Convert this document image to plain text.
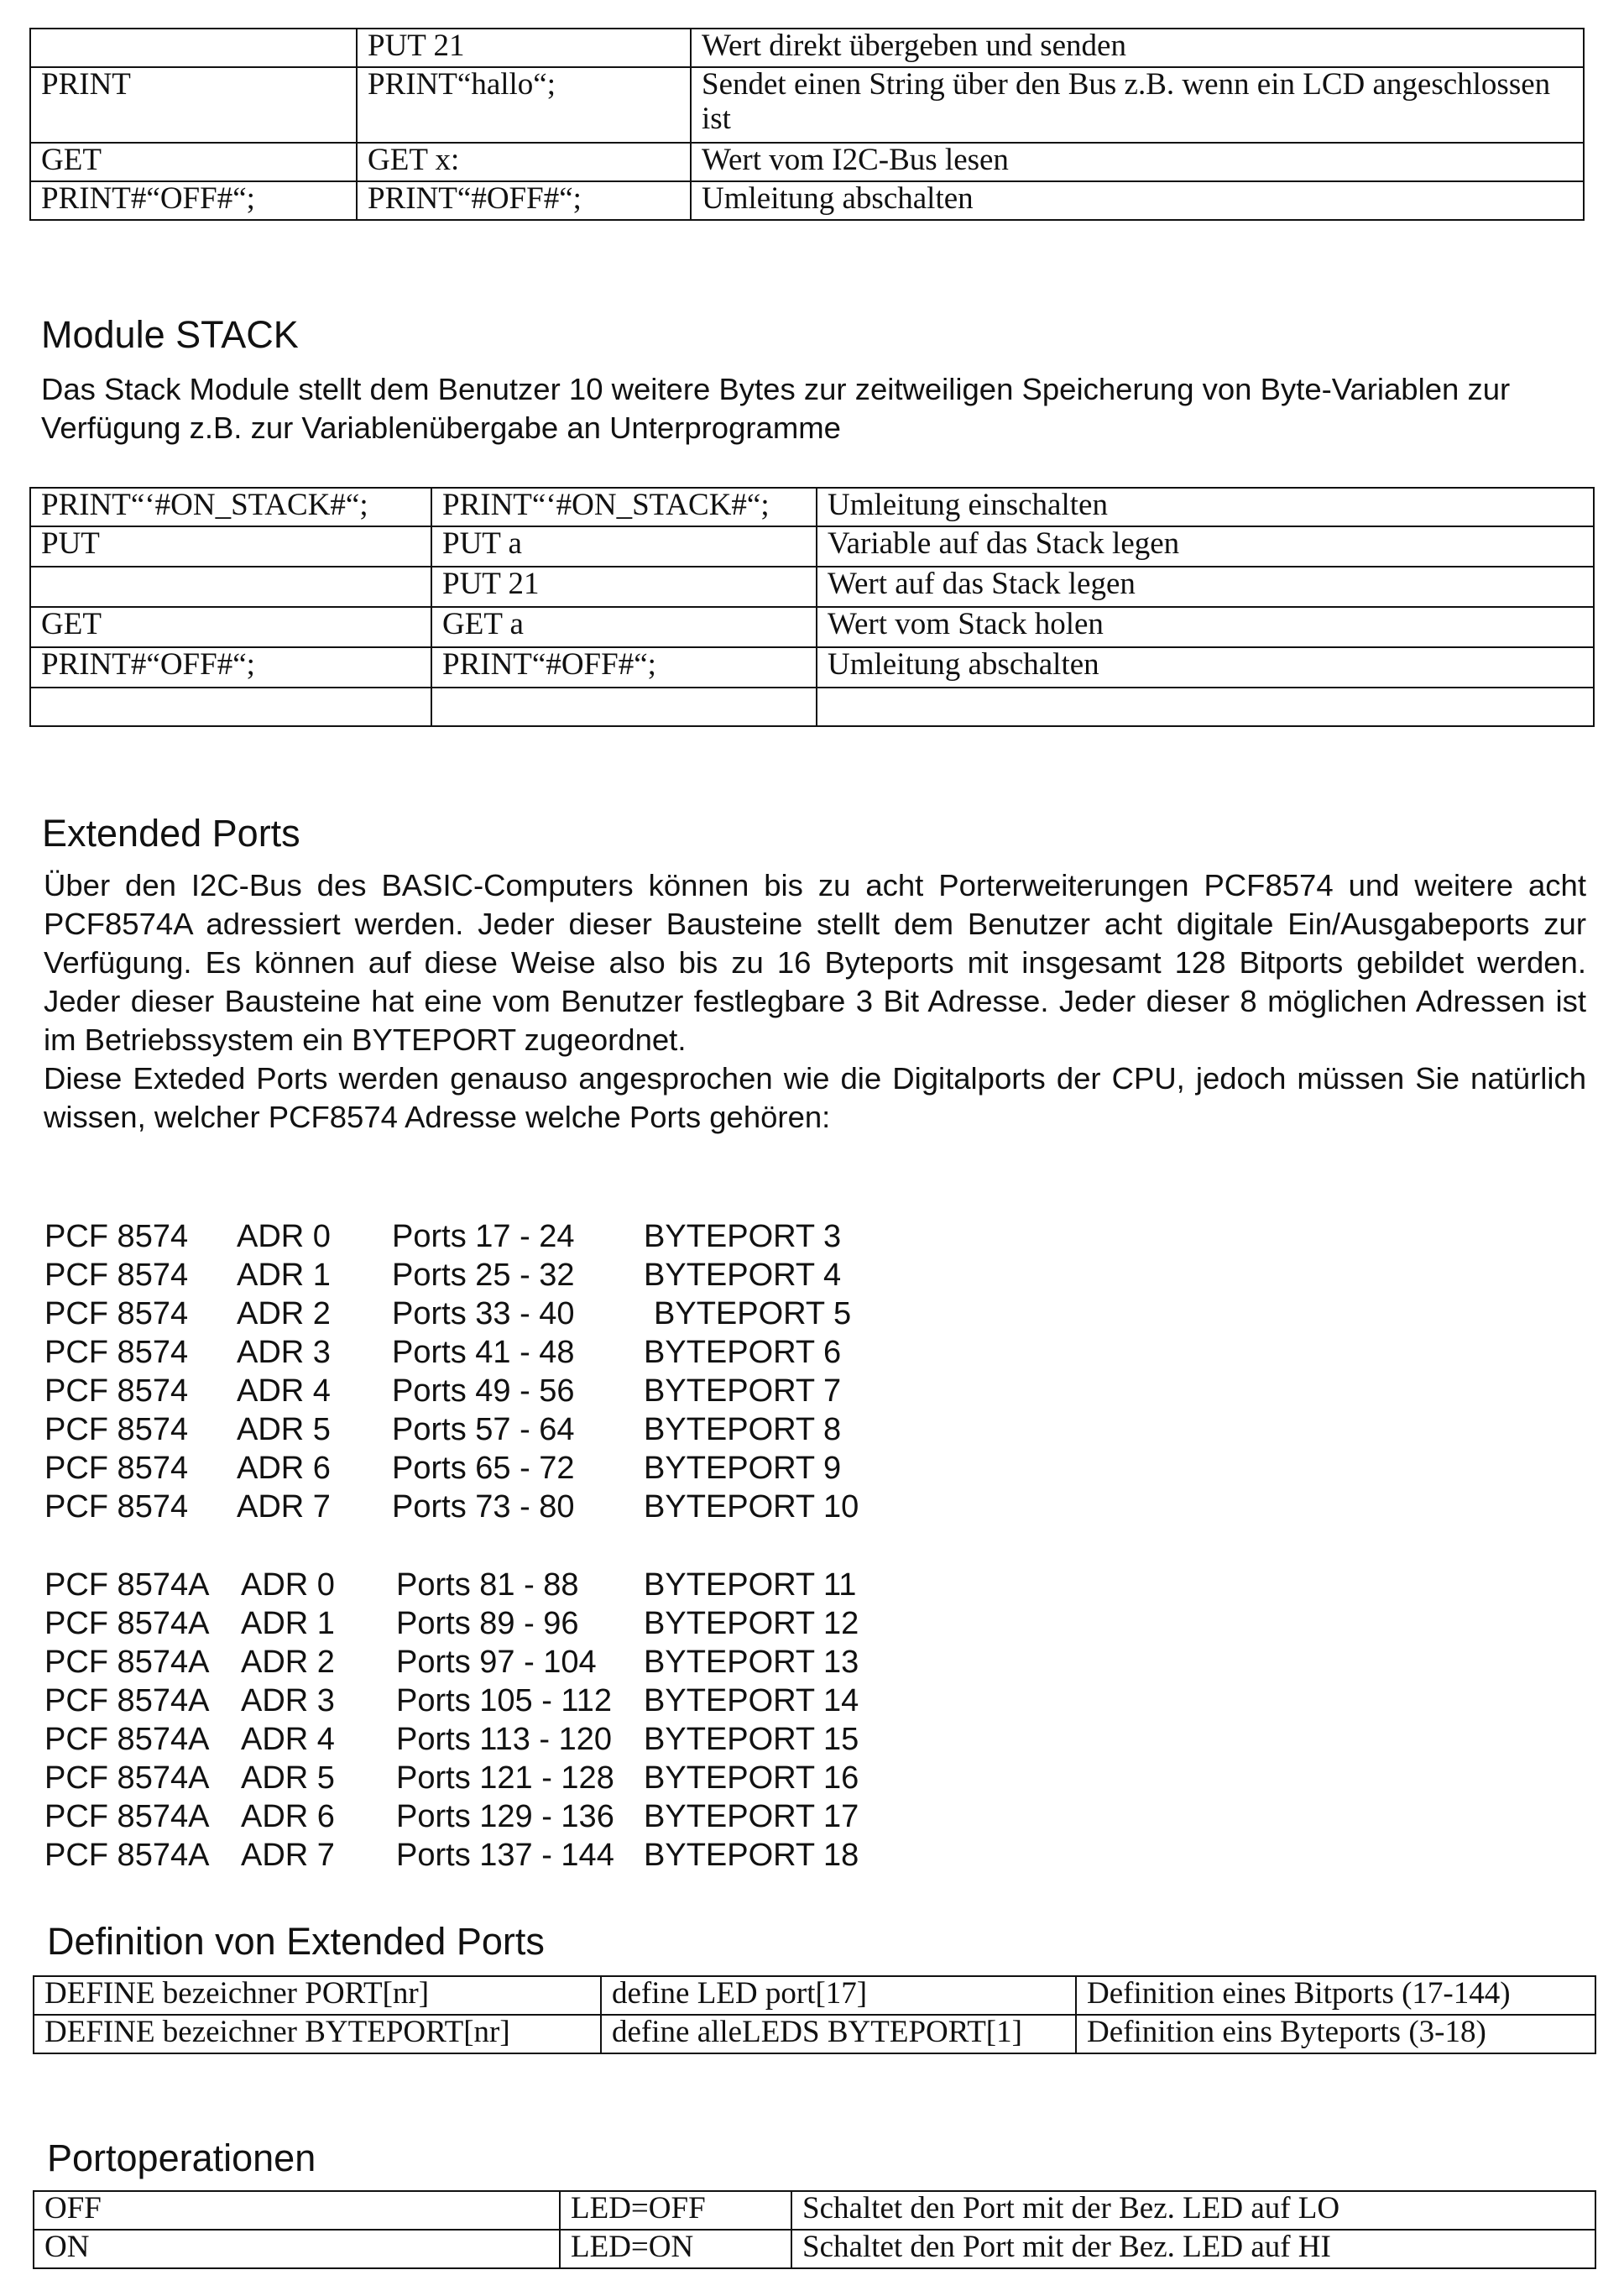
	PUT 21	Wert direkt übergeben und senden
PRINT	PRINT“hallo“;	Sendet einen String über den Bus z.B. wenn ein LCD angeschlossen ist
GET	GET x:	Wert vom I2C-Bus lesen
PRINT#“OFF#“;	PRINT“#OFF#“;	Umleitung abschalten
Module STACK

Das Stack Module stellt dem Benutzer 10 weitere Bytes zur zeitweiligen Speicherung von Byte-Variablen zur Verfügung z.B. zur Variablenübergabe an Unterprogramme

PRINT“‘#ON_STACK#“;	PRINT“‘#ON_STACK#“;	Umleitung einschalten
PUT	PUT a	Variable auf das Stack legen
	PUT 21	Wert auf das Stack legen
GET	GET a	Wert vom Stack holen
PRINT#“OFF#“;	PRINT“#OFF#“;	Umleitung abschalten

Extended Ports

Über den I2C-Bus des BASIC-Computers können bis zu acht Porterweiterungen PCF8574 und weitere acht PCF8574A adressiert werden. Jeder dieser Bausteine stellt dem Benutzer acht digitale Ein/Ausgabeports zur Verfügung. Es können auf diese Weise also bis zu 16 Byteports mit insgesamt 128 Bitports gebildet werden. Jeder dieser Bausteine hat eine vom Benutzer festlegbare 3 Bit Adresse. Jeder dieser 8 möglichen Adressen ist im Betriebssystem ein BYTEPORT zugeordnet.

Diese Exteded Ports werden genauso angesprochen wie die Digitalports der CPU, jedoch müssen Sie natürlich wissen, welcher PCF8574 Adresse welche Ports gehören:

PCF 8574 ADR 0 Ports 17 - 24 BYTEPORT 3
PCF 8574 ADR 1 Ports 25 - 32 BYTEPORT 4
PCF 8574 ADR 2 Ports 33 - 40 BYTEPORT 5
PCF 8574 ADR 3 Ports 41 - 48 BYTEPORT 6
PCF 8574 ADR 4 Ports 49 - 56 BYTEPORT 7
PCF 8574 ADR 5 Ports 57 - 64 BYTEPORT 8
PCF 8574 ADR 6 Ports 65 - 72 BYTEPORT 9
PCF 8574 ADR 7 Ports 73 - 80 BYTEPORT 10
PCF 8574A ADR 0 Ports 81 - 88 BYTEPORT 11
PCF 8574A ADR 1 Ports 89 - 96 BYTEPORT 12
PCF 8574A ADR 2 Ports 97 - 104 BYTEPORT 13
PCF 8574A ADR 3 Ports 105 - 112 BYTEPORT 14
PCF 8574A ADR 4 Ports 113 - 120 BYTEPORT 15
PCF 8574A ADR 5 Ports 121 - 128 BYTEPORT 16
PCF 8574A ADR 6 Ports 129 - 136 BYTEPORT 17
PCF 8574A ADR 7 Ports 137 - 144 BYTEPORT 18
Definition von Extended Ports
DEFINE bezeichner PORT[nr]	define LED port[17]	Definition eines Bitports (17-144)
DEFINE bezeichner BYTEPORT[nr]	define alleLEDS BYTEPORT[1]	Definition eins Byteports (3-18)
Portoperationen
OFF	LED=OFF	Schaltet den Port mit der Bez. LED auf LO
ON	LED=ON	Schaltet den Port mit der Bez. LED auf HI
